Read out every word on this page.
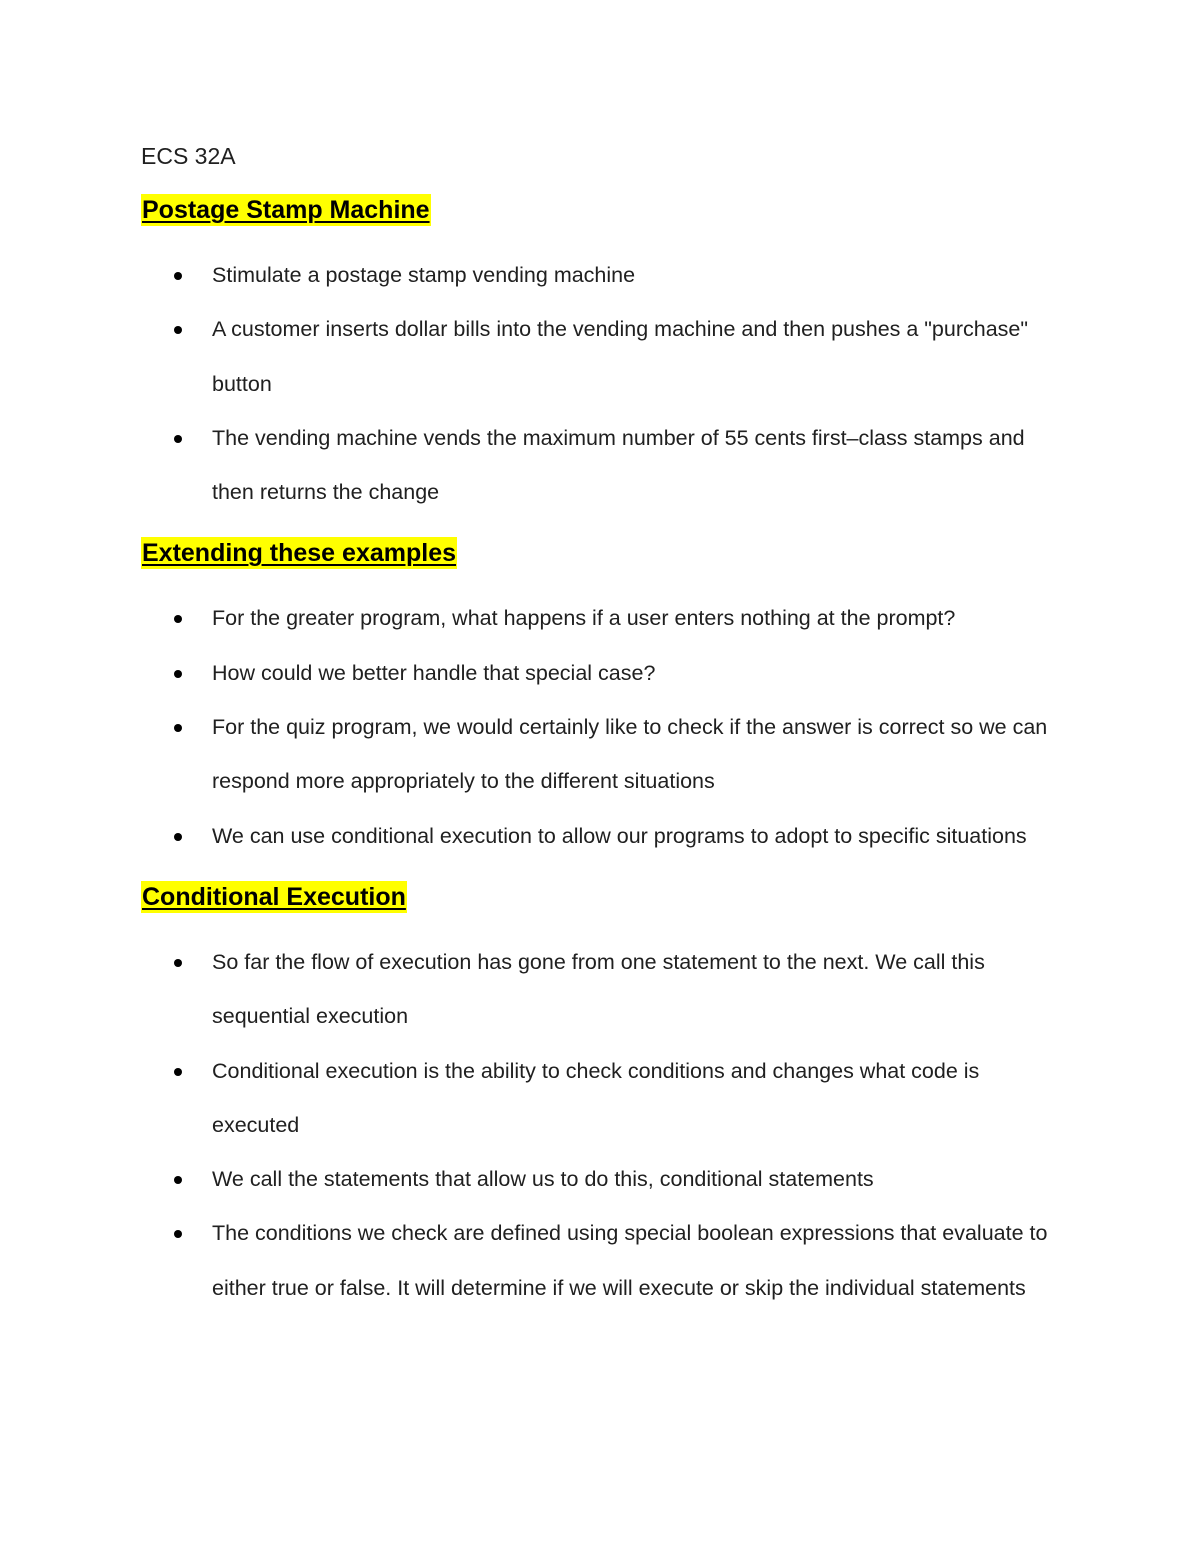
ECS 32A
Postage Stamp Machine
Stimulate a postage stamp vending machine
A customer inserts dollar bills into the vending machine and then pushes a "purchase" button
The vending machine vends the maximum number of 55 cents first–class stamps and then returns the change
Extending these examples
For the greater program, what happens if a user enters nothing at the prompt?
How could we better handle that special case?
For the quiz program, we would certainly like to check if the answer is correct so we can respond more appropriately to the different situations
We can use conditional execution to allow our programs to adopt to specific situations
Conditional Execution
So far the flow of execution has gone from one statement to the next. We call this sequential execution
Conditional execution is the ability to check conditions and changes what code is executed
We call the statements that allow us to do this, conditional statements
The conditions we check are defined using special boolean expressions that evaluate to either true or false. It will determine if we will execute or skip the individual statements
